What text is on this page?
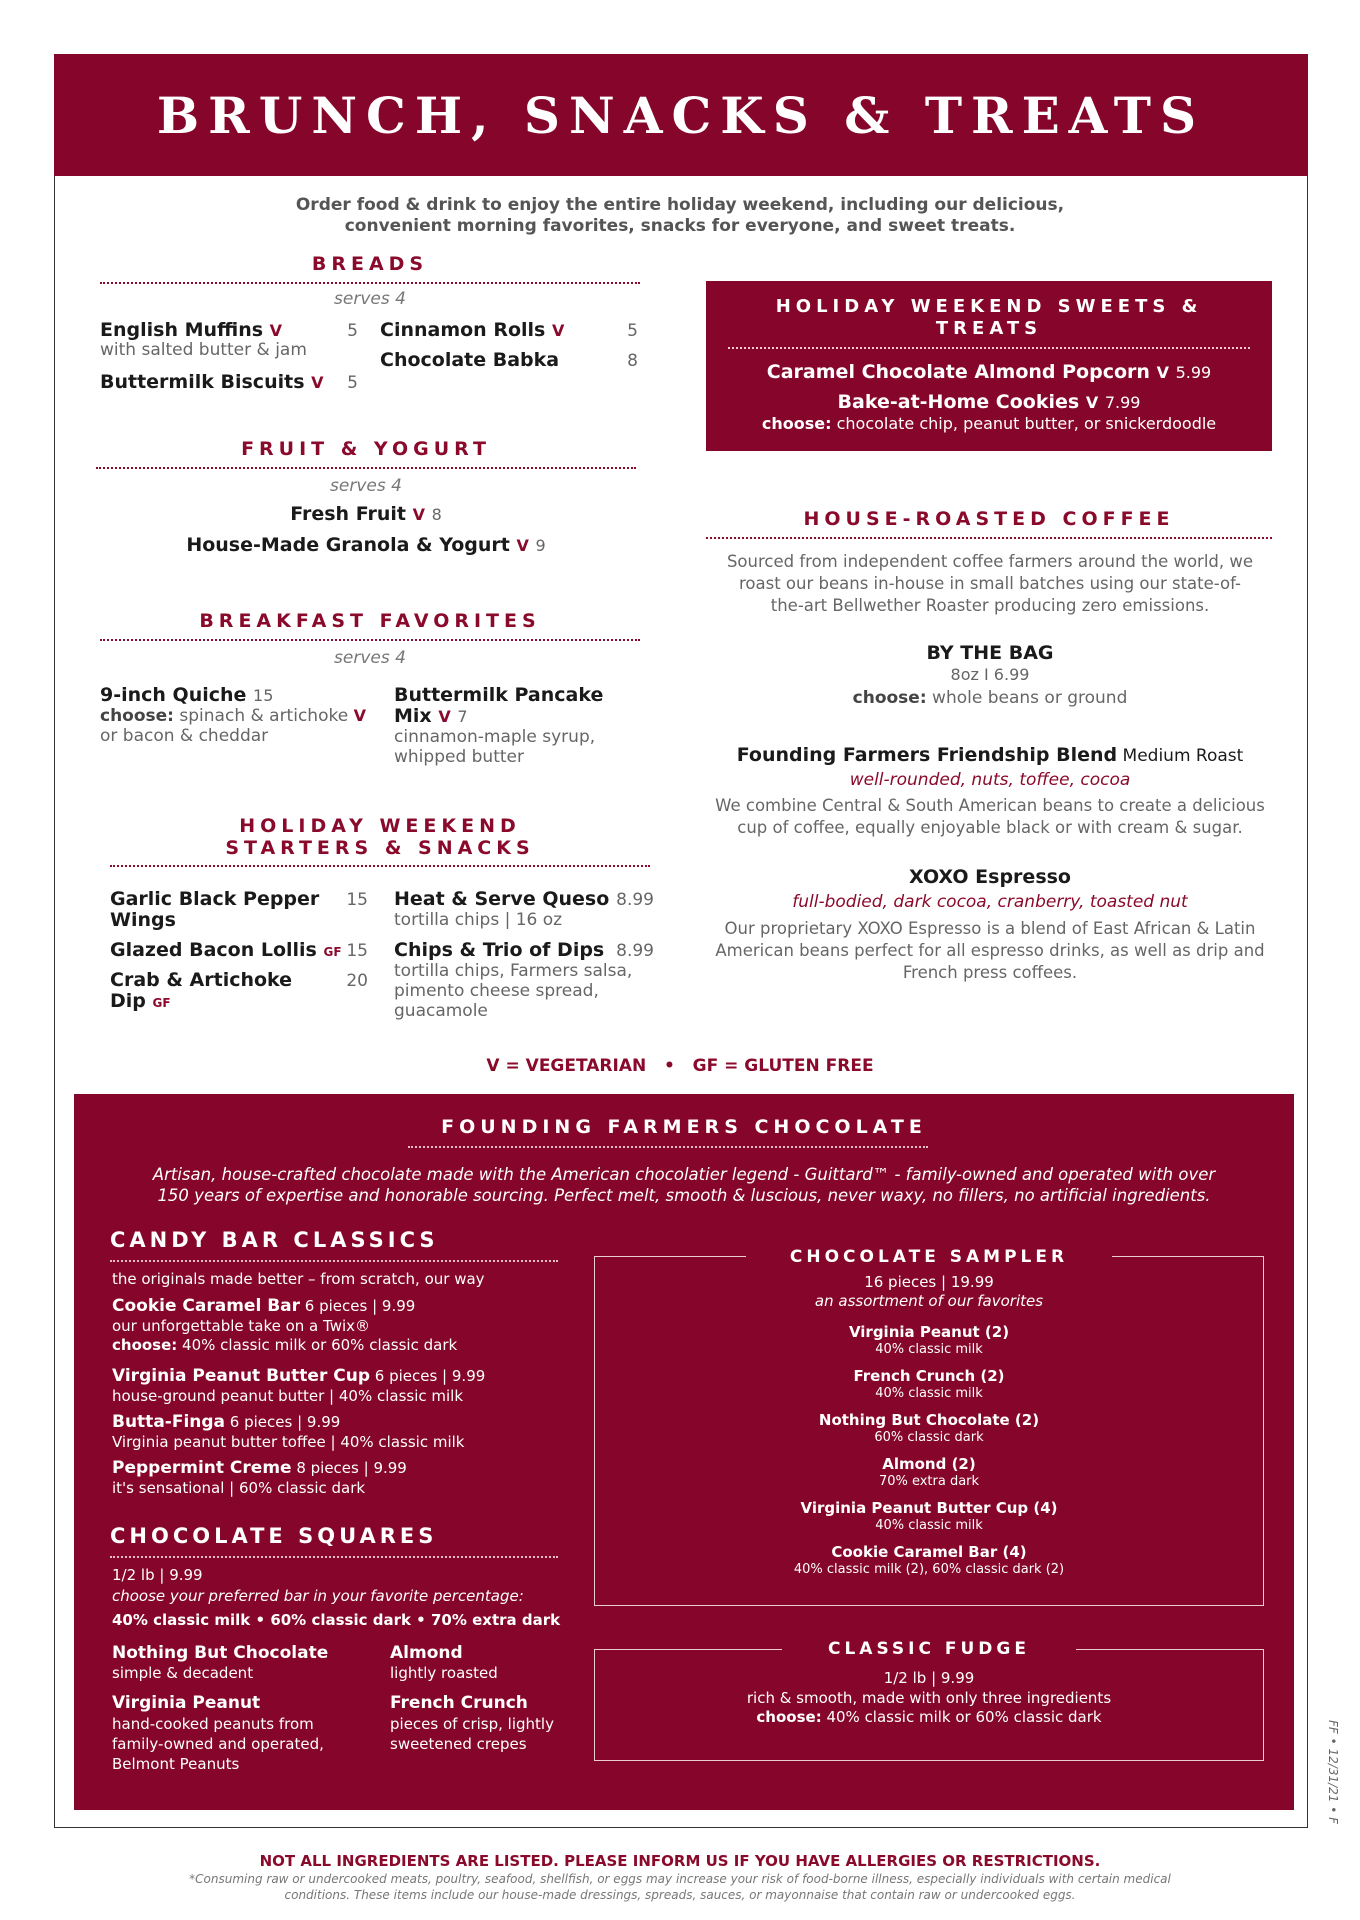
BRUNCH, SNACKS & TREATS
Order food & drink to enjoy the entire holiday weekend, including our delicious,
convenient morning favorites, snacks for everyone, and sweet treats.
BREADS
serves 4
English Muffins V	5
with salted butter & jam
Buttermilk Biscuits V	5
Cinnamon Rolls V	5
Chocolate Babka	8
FRUIT & YOGURT
serves 4
Fresh Fruit V 8
House-Made Granola & Yogurt V 9
BREAKFAST FAVORITES
serves 4
9-inch Quiche 15
choose: spinach & artichoke V
or bacon & cheddar
Buttermilk Pancake
Mix V 7
cinnamon-maple syrup,
whipped butter
HOLIDAY WEEKEND
STARTERS & SNACKS
Garlic Black Pepper
Wings
15
Glazed Bacon Lollis GF 15
Crab & Artichoke
Dip GF
20
Heat & Serve Queso 8.99
tortilla chips | 16 oz
Chips & Trio of Dips 8.99
tortilla chips, Farmers salsa,
pimento cheese spread,
guacamole
HOLIDAY WEEKEND SWEETS &
TREATS
Caramel Chocolate Almond Popcorn V 5.99
Bake-at-Home Cookies V 7.99
choose: chocolate chip, peanut butter, or snickerdoodle
HOUSE-ROASTED COFFEE
Sourced from independent coffee farmers around the world, we
roast our beans in-house in small batches using our state-of-
the-art Bellwether Roaster producing zero emissions.
BY THE BAG
8oz I 6.99
choose: whole beans or ground
Founding Farmers Friendship Blend Medium Roast
well-rounded, nuts, toffee, cocoa
We combine Central & South American beans to create a delicious
cup of coffee, equally enjoyable black or with cream & sugar.
XOXO Espresso
full-bodied, dark cocoa, cranberry, toasted nut
Our proprietary XOXO Espresso is a blend of East African & Latin
American beans perfect for all espresso drinks, as well as drip and
French press coffees.
V = VEGETARIAN • GF = GLUTEN FREE
FOUNDING FARMERS CHOCOLATE
Artisan, house-crafted chocolate made with the American chocolatier legend - Guittard™ - family-owned and operated with over
150 years of expertise and honorable sourcing. Perfect melt, smooth & luscious, never waxy, no fillers, no artificial ingredients.
CANDY BAR CLASSICS
the originals made better – from scratch, our way
Cookie Caramel Bar 6 pieces | 9.99
our unforgettable take on a Twix®
choose: 40% classic milk or 60% classic dark
Virginia Peanut Butter Cup 6 pieces | 9.99
house-ground peanut butter | 40% classic milk
Butta-Finga 6 pieces | 9.99
Virginia peanut butter toffee | 40% classic milk
Peppermint Creme 8 pieces | 9.99
it's sensational | 60% classic dark
CHOCOLATE SQUARES
1/2 lb | 9.99
choose your preferred bar in your favorite percentage:
40% classic milk • 60% classic dark • 70% extra dark
Nothing But Chocolate
simple & decadent
Almond
lightly roasted
Virginia Peanut
hand-cooked peanuts from
family-owned and operated,
Belmont Peanuts
French Crunch
pieces of crisp, lightly
sweetened crepes
CHOCOLATE SAMPLER
16 pieces | 19.99
an assortment of our favorites
Virginia Peanut (2)
40% classic milk
French Crunch (2)
40% classic milk
Nothing But Chocolate (2)
60% classic dark
Almond (2)
70% extra dark
Virginia Peanut Butter Cup (4)
40% classic milk
Cookie Caramel Bar (4)
40% classic milk (2), 60% classic dark (2)
CLASSIC FUDGE
1/2 lb | 9.99
rich & smooth, made with only three ingredients
choose: 40% classic milk or 60% classic dark
FF • 12/31/21 • F
NOT ALL INGREDIENTS ARE LISTED. PLEASE INFORM US IF YOU HAVE ALLERGIES OR RESTRICTIONS.
*Consuming raw or undercooked meats, poultry, seafood, shellfish, or eggs may increase your risk of food-borne illness, especially individuals with certain medical
conditions. These items include our house-made dressings, spreads, sauces, or mayonnaise that contain raw or undercooked eggs.
